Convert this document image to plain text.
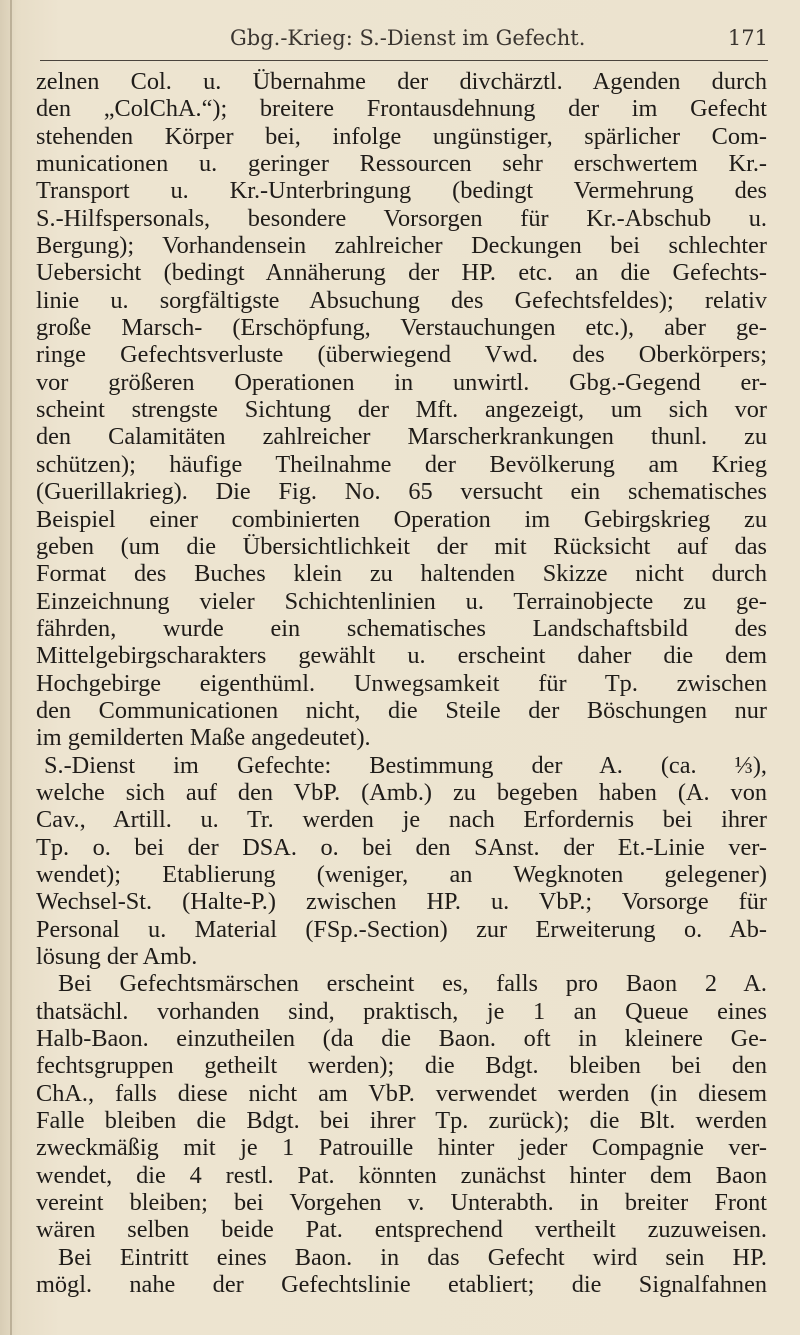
Gbg.-Krieg: S.-Dienst im Gefecht.	171
zelnen Col. u. Übernahme der divchärztl. Agenden durch
den „ColChA.“); breitere Frontausdehnung der im Gefecht
stehenden Körper bei, infolge ungünstiger, spärlicher Com-
municationen u. geringer Ressourcen sehr erschwertem Kr.-
Transport u. Kr.-Unterbringung (bedingt Vermehrung des
S.-Hilfspersonals, besondere Vorsorgen für Kr.-Abschub u.
Bergung); Vorhandensein zahlreicher Deckungen bei schlechter
Uebersicht (bedingt Annäherung der HP. etc. an die Gefechts-
linie u. sorgfältigste Absuchung des Gefechtsfeldes); relativ
große Marsch- (Erschöpfung, Verstauchungen etc.), aber ge-
ringe Gefechtsverluste (überwiegend Vwd. des Oberkörpers;
vor größeren Operationen in unwirtl. Gbg.-Gegend er-
scheint strengste Sichtung der Mft. angezeigt, um sich vor
den Calamitäten zahlreicher Marscherkrankungen thunl. zu
schützen); häufige Theilnahme der Bevölkerung am Krieg
(Guerillakrieg). Die Fig. No. 65 versucht ein schematisches
Beispiel einer combinierten Operation im Gebirgskrieg zu
geben (um die Übersichtlichkeit der mit Rücksicht auf das
Format des Buches klein zu haltenden Skizze nicht durch
Einzeichnung vieler Schichtenlinien u. Terrainobjecte zu ge-
fährden, wurde ein schematisches Landschaftsbild des
Mittelgebirgscharakters gewählt u. erscheint daher die dem
Hochgebirge eigenthüml. Unwegsamkeit für Tp. zwischen
den Communicationen nicht, die Steile der Böschungen nur
im gemilderten Maße angedeutet).
S.-Dienst im Gefechte: Bestimmung der A. (ca. ⅓),
welche sich auf den VbP. (Amb.) zu begeben haben (A. von
Cav., Artill. u. Tr. werden je nach Erfordernis bei ihrer
Tp. o. bei der DSA. o. bei den SAnst. der Et.-Linie ver-
wendet); Etablierung (weniger, an Wegknoten gelegener)
Wechsel-St. (Halte-P.) zwischen HP. u. VbP.; Vorsorge für
Personal u. Material (FSp.-Section) zur Erweiterung o. Ab-
lösung der Amb.
Bei Gefechtsmärschen erscheint es, falls pro Baon 2 A.
thatsächl. vorhanden sind, praktisch, je 1 an Queue eines
Halb-Baon. einzutheilen (da die Baon. oft in kleinere Ge-
fechtsgruppen getheilt werden); die Bdgt. bleiben bei den
ChA., falls diese nicht am VbP. verwendet werden (in diesem
Falle bleiben die Bdgt. bei ihrer Tp. zurück); die Blt. werden
zweckmäßig mit je 1 Patrouille hinter jeder Compagnie ver-
wendet, die 4 restl. Pat. könnten zunächst hinter dem Baon
vereint bleiben; bei Vorgehen v. Unterabth. in breiter Front
wären selben beide Pat. entsprechend vertheilt zuzuweisen.
Bei Eintritt eines Baon. in das Gefecht wird sein HP.
mögl. nahe der Gefechtslinie etabliert; die Signalfahnen
